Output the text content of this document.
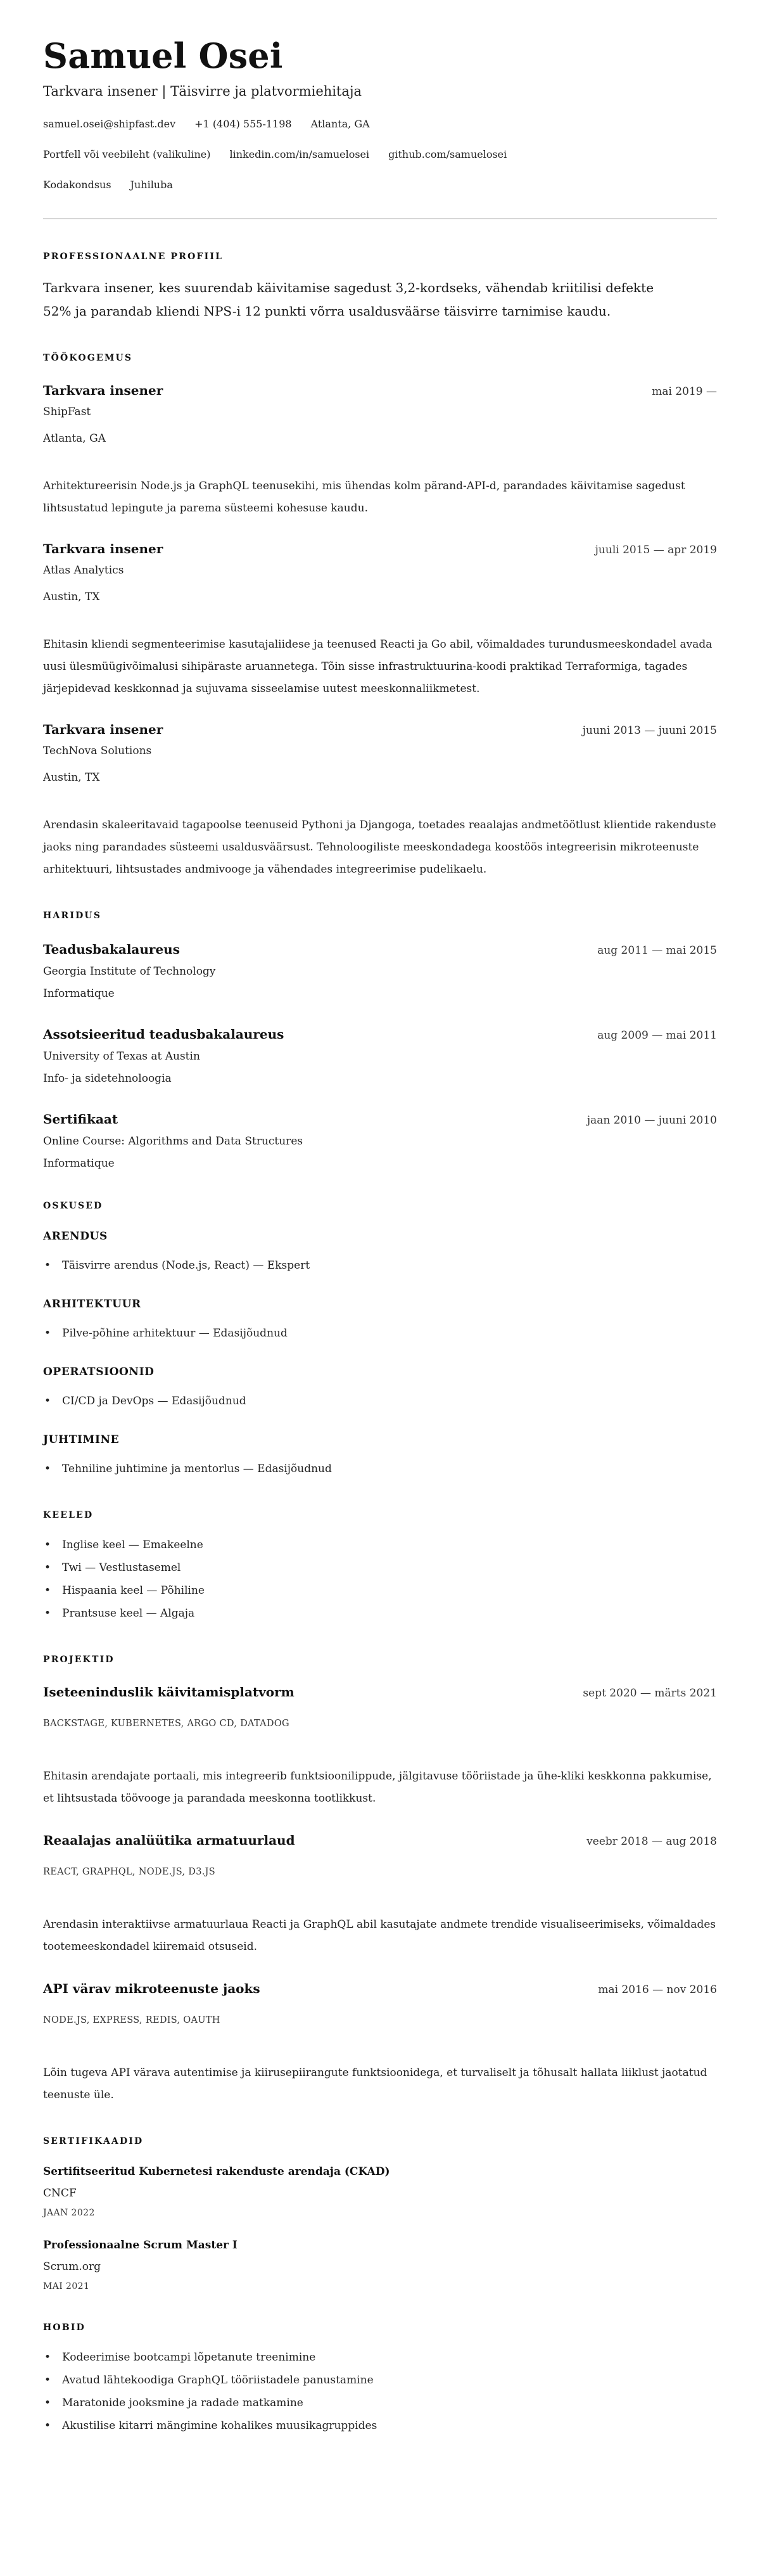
Samuel Osei
Tarkvara insener | Täisvirre ja platvormiehitaja
samuel.osei@shipfast.dev +1 (404) 555-1198 Atlanta, GA
Portfell või veebileht (valikuline) linkedin.com/in/samuelosei github.com/samuelosei
Kodakondsus Juhiluba
PROFESSIONAALNE PROFIIL

Tarkvara insener, kes suurendab käivitamise sagedust 3,2-kordseks, vähendab kriitilisi defekte 52% ja parandab kliendi NPS-i 12 punkti võrra usaldusväärse täisvirre tarnimise kaudu.

TÖÖKOGEMUS
Tarkvara insener	mai 2019 —
ShipFast
Atlanta, GA

Arhitektureerisin Node.js ja GraphQL teenusekihi, mis ühendas kolm pärand-API-d, parandades käivitamise sagedust lihtsustatud lepingute ja parema süsteemi kohesuse kaudu.

Tarkvara insener	juuli 2015 — apr 2019
Atlas Analytics
Austin, TX

Ehitasin kliendi segmenteerimise kasutajaliidese ja teenused Reacti ja Go abil, võimaldades turundusmeeskondadel avada uusi ülesmüügivõimalusi sihipäraste aruannetega. Tõin sisse infrastruktuurina-koodi praktikad Terraformiga, tagades järjepidevad keskkonnad ja sujuvama sisseelamise uutest meeskonnaliikmetest.

Tarkvara insener	juuni 2013 — juuni 2015
TechNova Solutions
Austin, TX

Arendasin skaleeritavaid tagapoolse teenuseid Pythoni ja Djangoga, toetades reaalajas andmetöötlust klientide rakenduste jaoks ning parandades süsteemi usaldusväärsust. Tehnoloogiliste meeskondadega koostöös integreerisin mikroteenuste arhitektuuri, lihtsustades andmivooge ja vähendades integreerimise pudelikaelu.

HARIDUS
Teadusbakalaureus	aug 2011 — mai 2015
Georgia Institute of Technology
Informatique
Assotsieeritud teadusbakalaureus	aug 2009 — mai 2011
University of Texas at Austin
Info- ja sidetehnoloogia
Sertifikaat	jaan 2010 — juuni 2010
Online Course: Algorithms and Data Structures
Informatique
OSKUSED
ARENDUS
• Täisvirre arendus (Node.js, React) — Ekspert
ARHITEKTUUR
• Pilve-põhine arhitektuur — Edasijõudnud
OPERATSIOONID
• CI/CD ja DevOps — Edasijõudnud
JUHTIMINE
• Tehniline juhtimine ja mentorlus — Edasijõudnud
KEELED
• Inglise keel — Emakeelne
• Twi — Vestlustasemel
• Hispaania keel — Põhiline
• Prantsuse keel — Algaja
PROJEKTID
Iseteeninduslik käivitamisplatvorm	sept 2020 — märts 2021
BACKSTAGE, KUBERNETES, ARGO CD, DATADOG

Ehitasin arendajate portaali, mis integreerib funktsioonilippude, jälgitavuse tööriistade ja ühe-kliki keskkonna pakkumise, et lihtsustada töövooge ja parandada meeskonna tootlikkust.

Reaalajas analüütika armatuurlaud	veebr 2018 — aug 2018
REACT, GRAPHQL, NODE.JS, D3.JS

Arendasin interaktiivse armatuurlaua Reacti ja GraphQL abil kasutajate andmete trendide visualiseerimiseks, võimaldades tootemeeskondadel kiiremaid otsuseid.

API värav mikroteenuste jaoks	mai 2016 — nov 2016
NODE.JS, EXPRESS, REDIS, OAUTH

Lõin tugeva API värava autentimise ja kiirusepiirangute funktsioonidega, et turvaliselt ja tõhusalt hallata liiklust jaotatud teenuste üle.

SERTIFIKAADID
Sertifitseeritud Kubernetesi rakenduste arendaja (CKAD)
CNCF
JAAN 2022
Professionaalne Scrum Master I
Scrum.org
MAI 2021
HOBID
• Kodeerimise bootcampi lõpetanute treenimine
• Avatud lähtekoodiga GraphQL tööriistadele panustamine
• Maratonide jooksmine ja radade matkamine
• Akustilise kitarri mängimine kohalikes muusikagruppides
